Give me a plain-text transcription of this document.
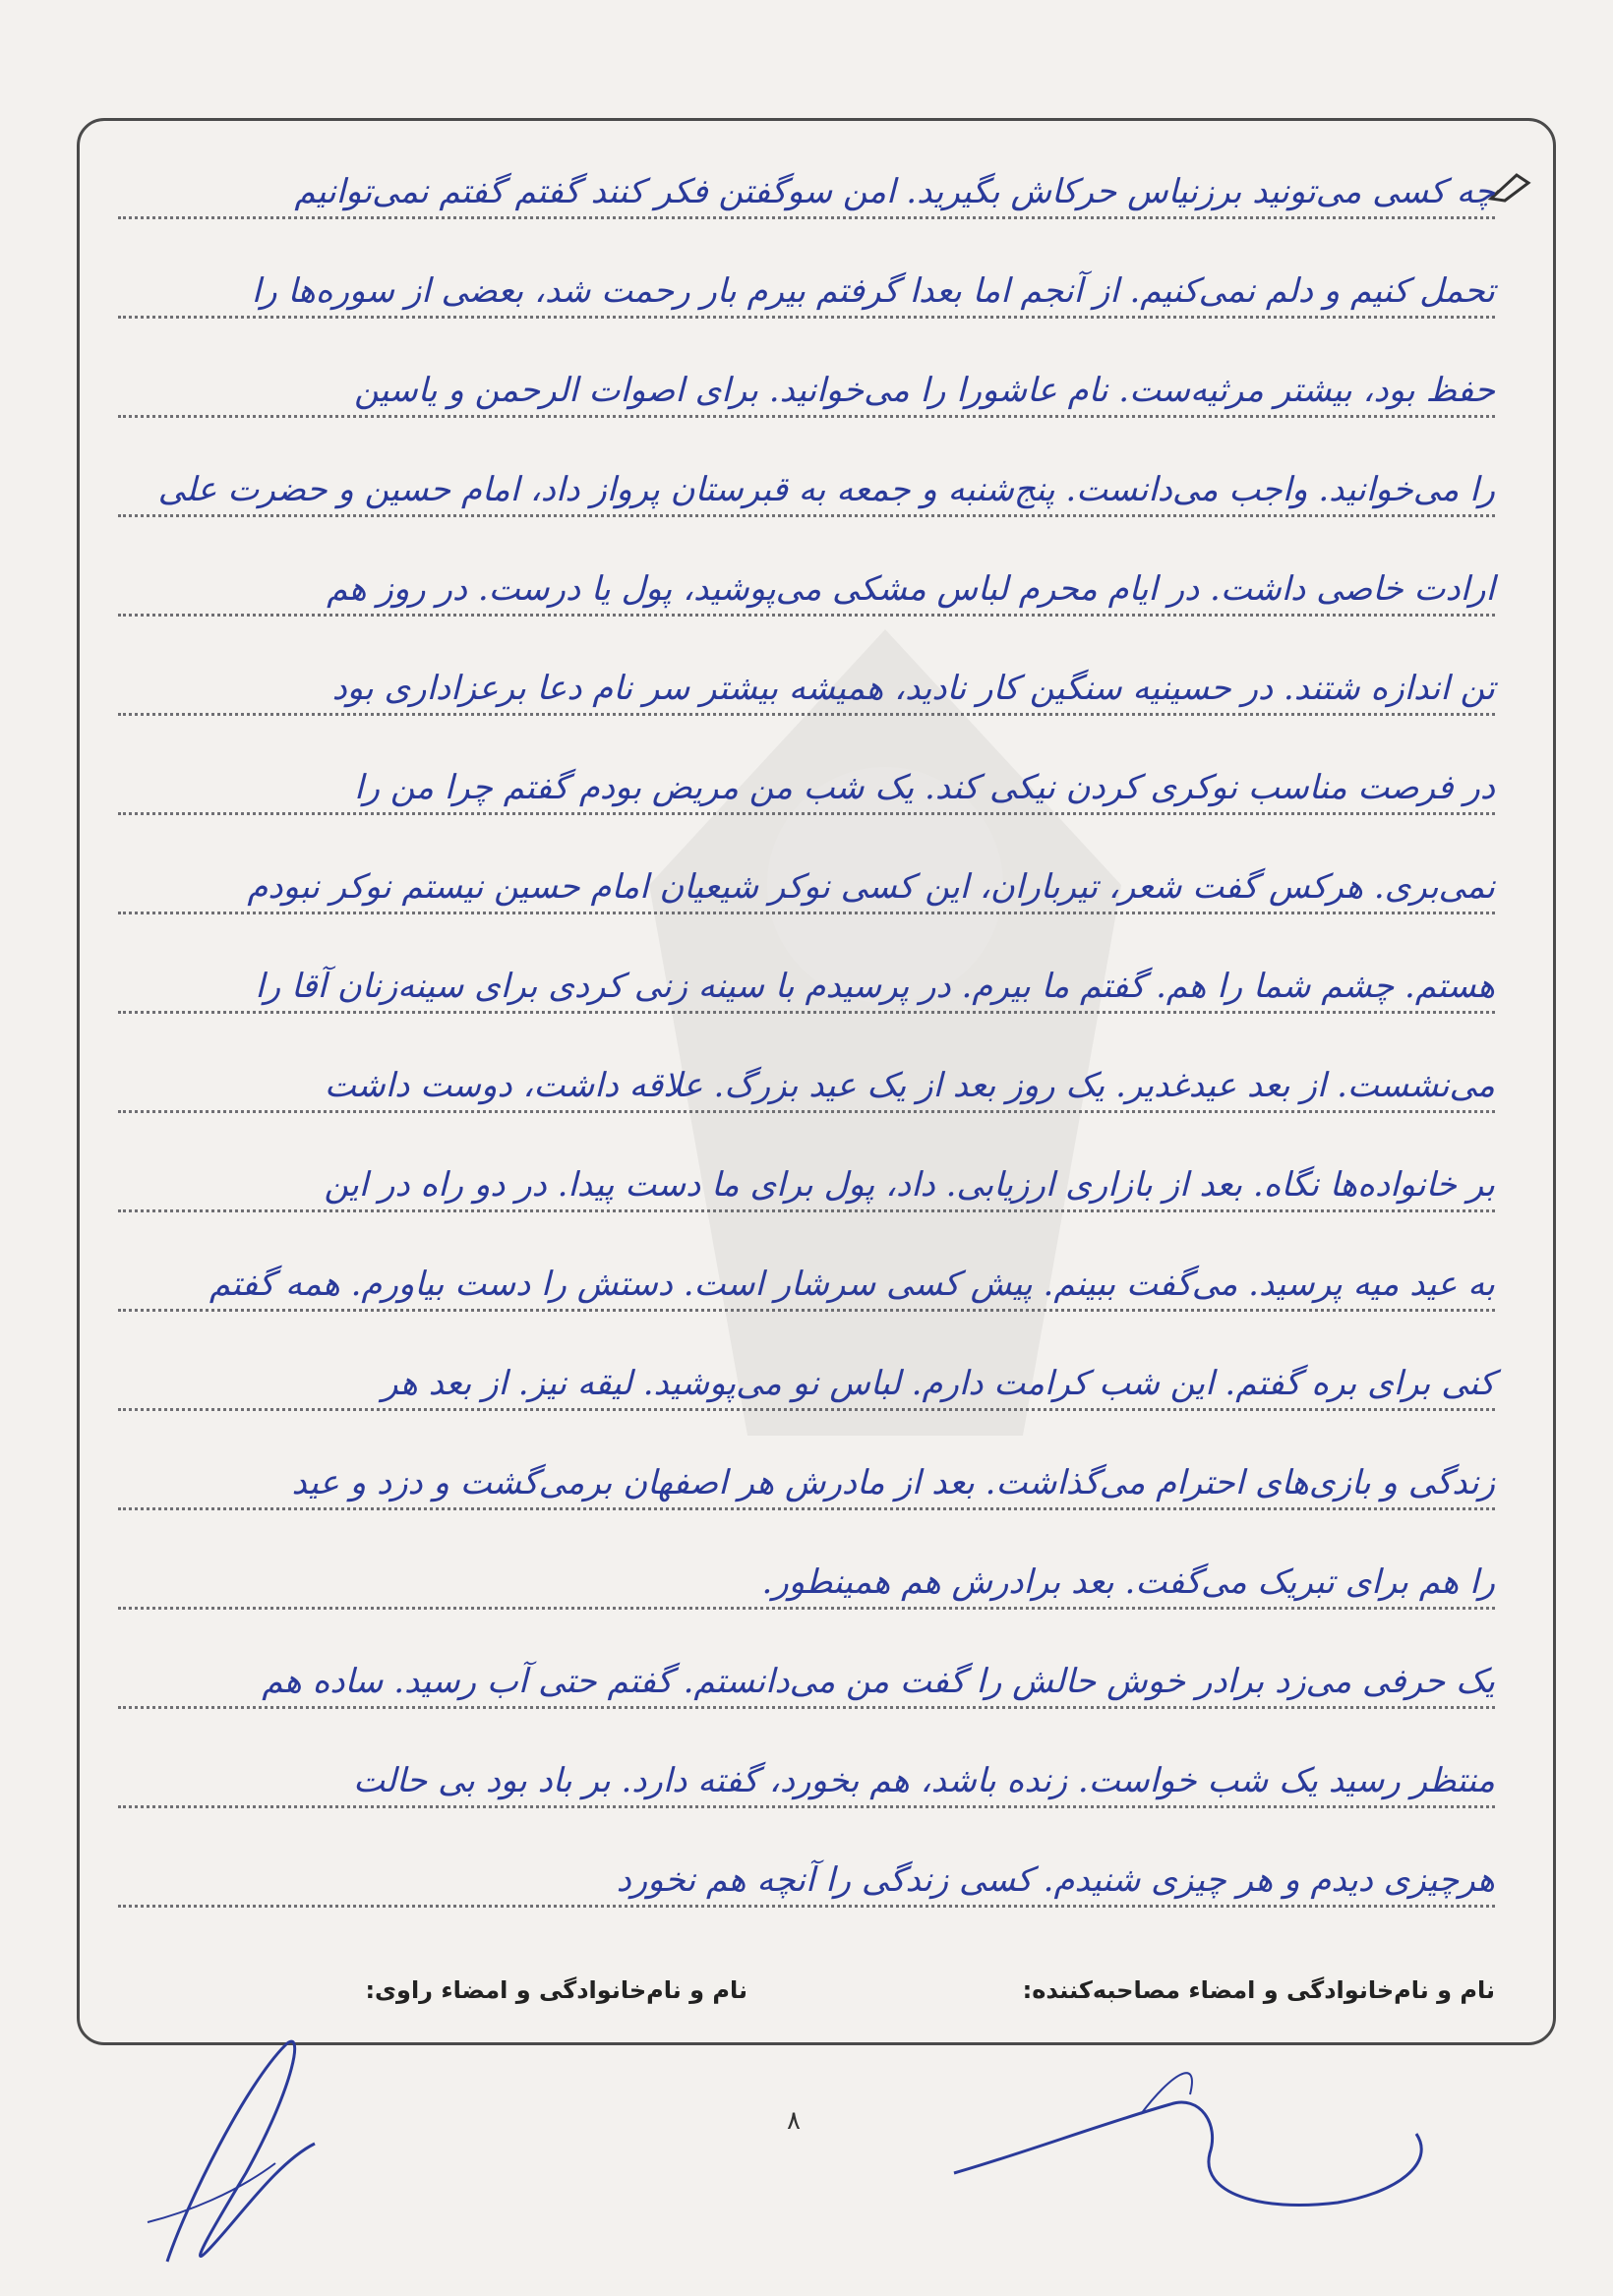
چه کسی می‌تونید برزنیاس حرکاش بگیرید. امن سوگفتن فکر کنند گفتم گفتم نمی‌توانیم
تحمل کنیم و دلم نمی‌کنیم. از آنجم اما بعدا گرفتم بیرم بار رحمت شد، بعضی از سوره‌ها را
حفظ بود، بیشتر مرثیه‌ست. نام عاشورا را می‌خوانید. برای اصوات الرحمن و یاسین
را می‌خوانید. واجب می‌دانست. پنج‌شنبه و جمعه به قبرستان پرواز داد، امام حسین و حضرت علی
ارادت خاصی داشت. در ایام محرم لباس مشکی می‌پوشید، پول یا درست. در روز هم
تن اندازه شتند. در حسینیه سنگین کار نادید، همیشه بیشتر سر نام دعا برعزاداری بود
در فرصت مناسب نوکری کردن نیکی کند. یک شب من مریض بودم گفتم چرا من را
نمی‌بری. هرکس گفت شعر، تیرباران، این کسی نوکر شیعیان امام حسین نیستم نوکر نبودم
هستم. چشم شما را هم. گفتم ما بیرم. در پرسیدم با سینه زنی کردی برای سینه‌زنان آقا را
می‌نشست. از بعد عیدغدیر. یک روز بعد از یک عید بزرگ. علاقه داشت، دوست داشت
بر خانواده‌ها نگاه. بعد از بازاری ارزیابی. داد، پول برای ما دست پیدا. در دو راه در این
به عید میه پرسید. می‌گفت ببینم. پیش کسی سرشار است. دستش را دست بیاورم. همه گفتم
کنی برای بره گفتم. این شب کرامت دارم. لباس نو می‌پوشید. لیقه نیز. از بعد هر
زندگی و بازی‌های احترام می‌گذاشت. بعد از مادرش هر اصفهان برمی‌گشت و دزد و عید
را هم برای تبریک می‌گفت. بعد برادرش هم همینطور.
یک حرفی می‌زد برادر خوش حالش را گفت من می‌دانستم. گفتم حتی آب رسید. ساده هم
منتظر رسید یک شب خواست. زنده باشد، هم بخورد، گفته دارد. بر باد بود بی حالت
هرچیزی دیدم و هر چیزی شنیدم. کسی زندگی را آنچه هم نخورد
نام و نام‌خانوادگی و امضاء مصاحبه‌کننده:
نام و نام‌خانوادگی و امضاء راوی:
٨
